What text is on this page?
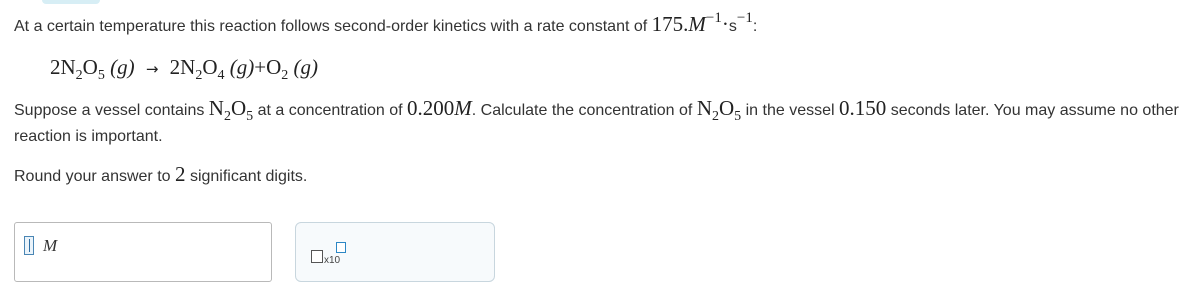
At a certain temperature this reaction follows second-order kinetics with a rate constant of 175.M−1·s−1:
$2N_2O_5$ $(g) \to 2N_2O_4$ $(g)+O_2$ (g)
Suppose a vessel contains $N_2O_5$ at a concentration of 0.200M. Calculate the concentration of $N_2O_5$ in the vessel 0.150 seconds later. You may assume no other
reaction is important.
Round your answer to 2 significant digits.
M
x10
